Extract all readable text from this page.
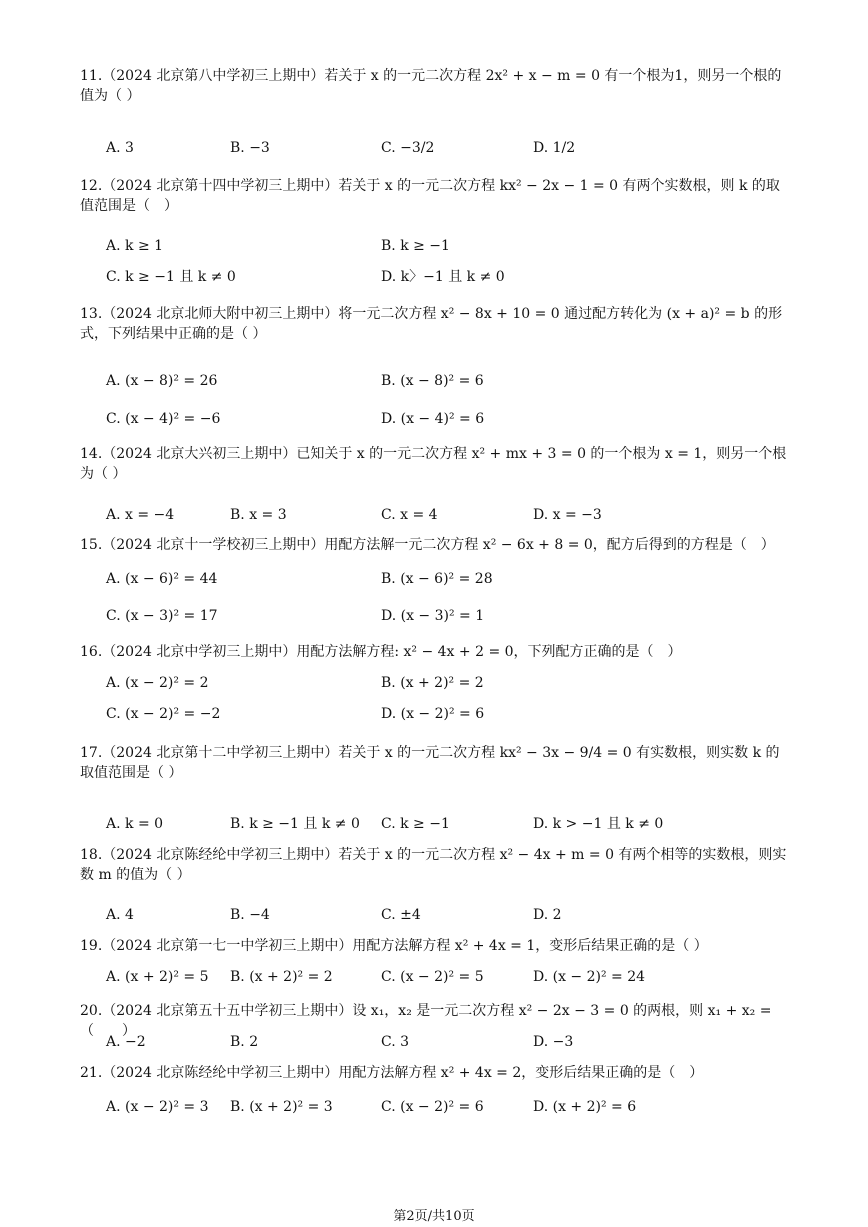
11.（2024 北京第八中学初三上期中）若关于 x 的一元二次方程 2x² + x − m = 0 有一个根为1，则另一个根的值为（ ）
A. 3	B. −3	C. −3/2	D. 1/2
12.（2024 北京第十四中学初三上期中）若关于 x 的一元二次方程 kx² − 2x − 1 = 0 有两个实数根，则 k 的取值范围是（　）
A. k ≥ 1	B. k ≥ −1
C. k ≥ −1 且 k ≠ 0	D. k〉−1 且 k ≠ 0
13.（2024 北京北师大附中初三上期中）将一元二次方程 x² − 8x + 10 = 0 通过配方转化为 (x + a)² = b 的形式，下列结果中正确的是（ ）
A. (x − 8)² = 26	B. (x − 8)² = 6
C. (x − 4)² = −6	D. (x − 4)² = 6
14.（2024 北京大兴初三上期中）已知关于 x 的一元二次方程 x² + mx + 3 = 0 的一个根为 x = 1，则另一个根为（ ）
A. x = −4	B. x = 3	C. x = 4	D. x = −3
15.（2024 北京十一学校初三上期中）用配方法解一元二次方程 x² − 6x + 8 = 0，配方后得到的方程是（　）
A. (x − 6)² = 44	B. (x − 6)² = 28
C. (x − 3)² = 17	D. (x − 3)² = 1
16.（2024 北京中学初三上期中）用配方法解方程: x² − 4x + 2 = 0，下列配方正确的是（　）
A. (x − 2)² = 2	B. (x + 2)² = 2
C. (x − 2)² = −2	D. (x − 2)² = 6
17.（2024 北京第十二中学初三上期中）若关于 x 的一元二次方程 kx² − 3x − 9/4 = 0 有实数根，则实数 k 的取值范围是（ ）
A. k = 0	B. k ≥ −1 且 k ≠ 0 C. k ≥ −1	D. k > −1 且 k ≠ 0
18.（2024 北京陈经纶中学初三上期中）若关于 x 的一元二次方程 x² − 4x + m = 0 有两个相等的实数根，则实数 m 的值为（ ）
A. 4	B. −4	C. ±4	D. 2
19.（2024 北京第一七一中学初三上期中）用配方法解方程 x² + 4x = 1，变形后结果正确的是（ ）
A. (x + 2)² = 5 B. (x + 2)² = 2	C. (x − 2)² = 5	D. (x − 2)² = 24
20.（2024 北京第五十五中学初三上期中）设 x₁，x₂ 是一元二次方程 x² − 2x − 3 = 0 的两根，则 x₁ + x₂ =（　　）
A. −2	B. 2	C. 3	D. −3
21.（2024 北京陈经纶中学初三上期中）用配方法解方程 x² + 4x = 2，变形后结果正确的是（　）
A. (x − 2)² = 3 B. (x + 2)² = 3	C. (x − 2)² = 6	D. (x + 2)² = 6
第2页/共10页
